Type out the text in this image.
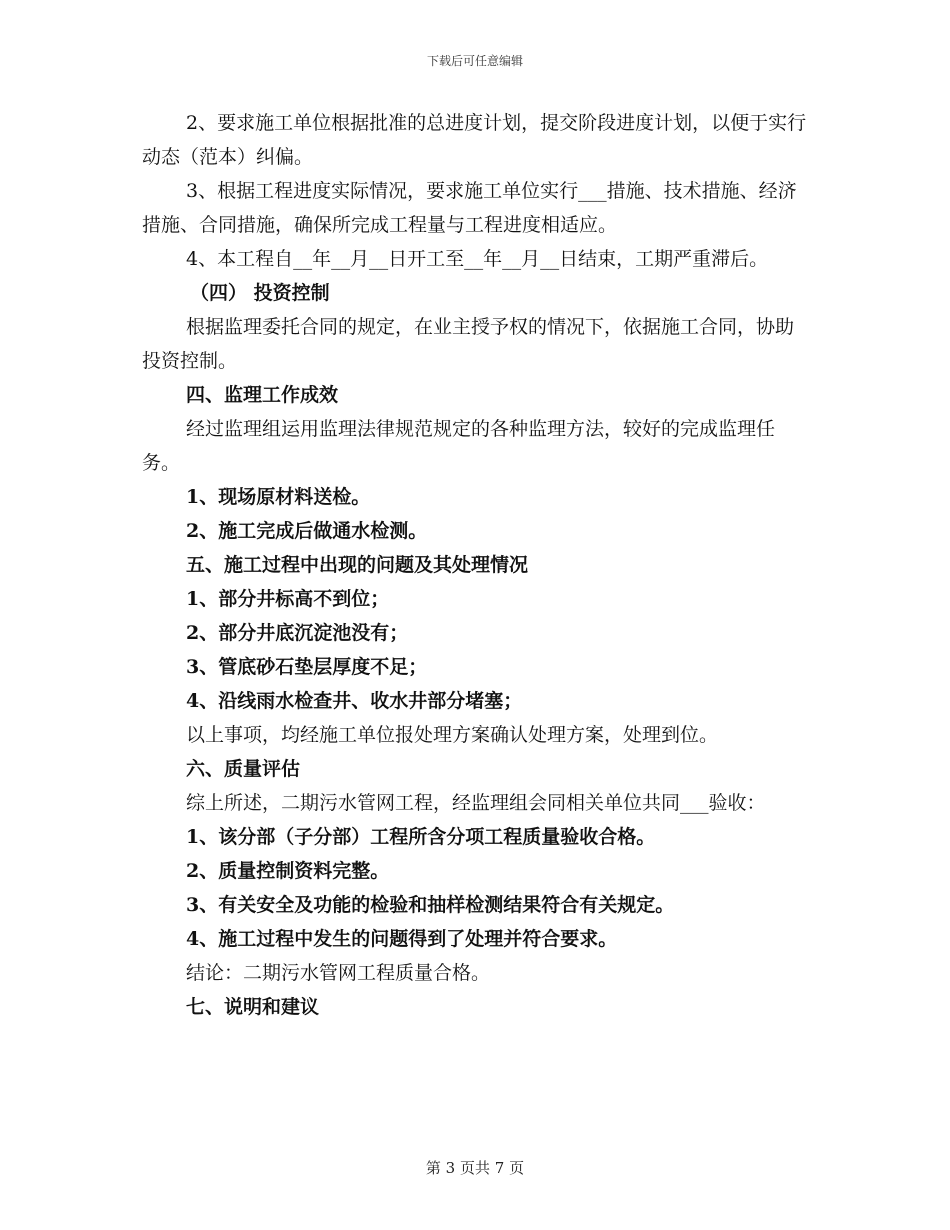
下载后可任意编辑

2、要求施工单位根据批准的总进度计划，提交阶段进度计划，以便于实行动态（范本）纠偏。

3、根据工程进度实际情况，要求施工单位实行___措施、技术措施、经济措施、合同措施，确保所完成工程量与工程进度相适应。

4、本工程自__年__月__日开工至__年__月__日结束，工期严重滞后。

（四） 投资控制

根据监理委托合同的规定，在业主授予权的情况下，依据施工合同，协助投资控制。

四、监理工作成效

经过监理组运用监理法律规范规定的各种监理方法，较好的完成监理任务。

1、现场原材料送检。

2、施工完成后做通水检测。

五、施工过程中出现的问题及其处理情况

1、部分井标高不到位；

2、部分井底沉淀池没有；

3、管底砂石垫层厚度不足；

4、沿线雨水检查井、收水井部分堵塞；

以上事项，均经施工单位报处理方案确认处理方案，处理到位。

六、质量评估

综上所述，二期污水管网工程，经监理组会同相关单位共同___验收：

1、该分部（子分部）工程所含分项工程质量验收合格。

2、质量控制资料完整。

3、有关安全及功能的检验和抽样检测结果符合有关规定。

4、施工过程中发生的问题得到了处理并符合要求。

结论：二期污水管网工程质量合格。

七、说明和建议

第 3 页共 7 页
